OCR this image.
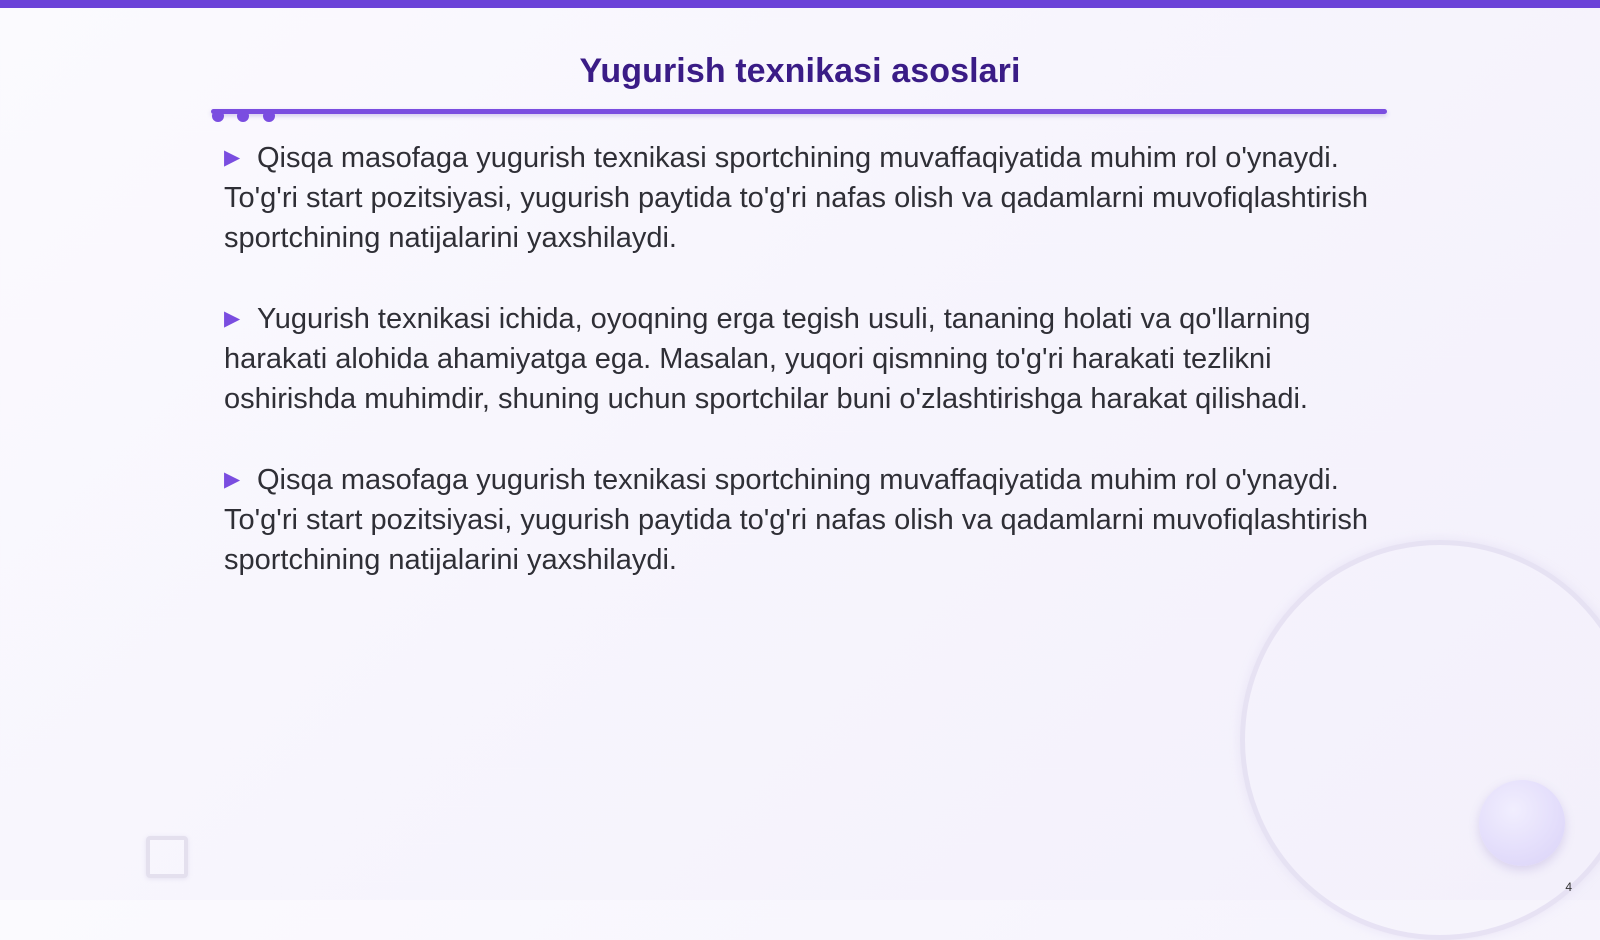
Yugurish texnikasi asoslari

▶ Qisqa masofaga yugurish texnikasi sportchining muvaffaqiyatida muhim rol o'ynaydi. To'g'ri start pozitsiyasi, yugurish paytida to'g'ri nafas olish va qadamlarni muvofiqlashtirish sportchining natijalarini yaxshilaydi.

▶ Yugurish texnikasi ichida, oyoqning erga tegish usuli, tananing holati va qo'llarning harakati alohida ahamiyatga ega. Masalan, yuqori qismning to'g'ri harakati tezlikni oshirishda muhimdir, shuning uchun sportchilar buni o'zlashtirishga harakat qilishadi.

▶ Qisqa masofaga yugurish texnikasi sportchining muvaffaqiyatida muhim rol o'ynaydi. To'g'ri start pozitsiyasi, yugurish paytida to'g'ri nafas olish va qadamlarni muvofiqlashtirish sportchining natijalarini yaxshilaydi.

4
